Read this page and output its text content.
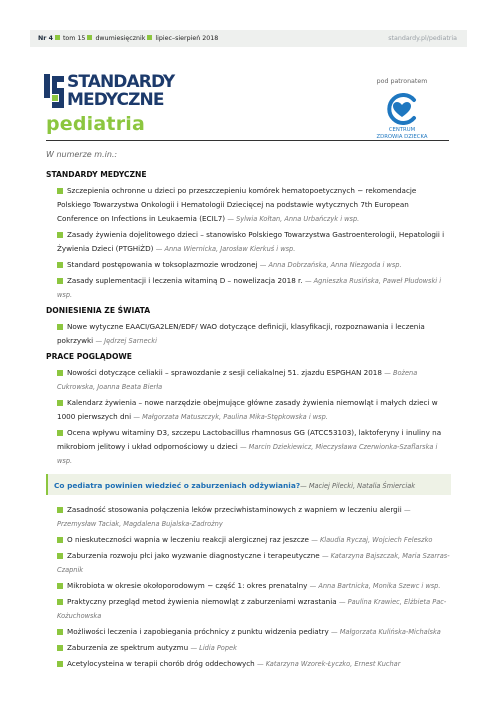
Nr 4 tom 15 dwumiesięcznik lipiec–sierpień 2018	standardy.pl/pediatria
STANDARDY
MEDYCZNE
pediatria
pod patronatem
CENTRUM
ZDROWIA DZIECKA
W numerze m.in.:
STANDARDY MEDYCZNE
Szczepienia ochronne u dzieci po przeszczepieniu komórek hematopoetycznych − rekomendacje Polskiego Towarzystwa Onkologii i Hematologii Dziecięcej na podstawie wytycznych 7th European Conference on Infections in Leukaemia (ECIL7) — Sylwia Kołtan, Anna Urbańczyk i wsp.
Zasady żywienia dojelitowego dzieci – stanowisko Polskiego Towarzystwa Gastroenterologii, Hepatologii i Żywienia Dzieci (PTGHiŻD) — Anna Wiernicka, Jarosław Kierkuś i wsp.
Standard postępowania w toksoplazmozie wrodzonej — Anna Dobrzańska, Anna Niezgoda i wsp.
Zasady suplementacji i leczenia witaminą D – nowelizacja 2018 r. — Agnieszka Rusińska, Paweł Płudowski i wsp.
DONIESIENIA ZE ŚWIATA
Nowe wytyczne EAACI/GA2LEN/EDF/ WAO dotyczące definicji, klasyfikacji, rozpoznawania i leczenia pokrzywki — Jędrzej Sarnecki
PRACE POGLĄDOWE
Nowości dotyczące celiakii – sprawozdanie z sesji celiakalnej 51. zjazdu ESPGHAN 2018 — Bożena Cukrowska, Joanna Beata Bierła
Kalendarz żywienia – nowe narzędzie obejmujące główne zasady żywienia niemowląt i małych dzieci w 1000 pierwszych dni — Małgorzata Matuszczyk, Paulina Mika-Stępkowska i wsp.
Ocena wpływu witaminy D3, szczepu Lactobacillus rhamnosus GG (ATCC53103), laktoferyny i inuliny na mikrobiom jelitowy i układ odpornościowy u dzieci — Marcin Dziekiewicz, Mieczysława Czerwionka-Szaflarska i wsp.
Co pediatra powinien wiedzieć o zaburzeniach odżywiania?— Maciej Pilecki, Natalia Śmierciak
Zasadność stosowania połączenia leków przeciwhistaminowych z wapniem w leczeniu alergii — Przemysław Taciak, Magdalena Bujalska-Zadrożny
O nieskuteczności wapnia w leczeniu reakcji alergicznej raz jeszcze — Klaudia Ryczaj, Wojciech Feleszko
Zaburzenia rozwoju płci jako wyzwanie diagnostyczne i terapeutyczne — Katarzyna Bajszczak, Maria Szarras-Czapnik
Mikrobiota w okresie okołoporodowym − część 1: okres prenatalny — Anna Bartnicka, Monika Szewc i wsp.
Praktyczny przegląd metod żywienia niemowląt z zaburzeniami wzrastania — Paulina Krawiec, Elżbieta Pac-Kożuchowska
Możliwości leczenia i zapobiegania próchnicy z punktu widzenia pediatry — Małgorzata Kulińska-Michalska
Zaburzenia ze spektrum autyzmu — Lidia Popek
Acetylocysteina w terapii chorób dróg oddechowych — Katarzyna Wzorek-Łyczko, Ernest Kuchar
